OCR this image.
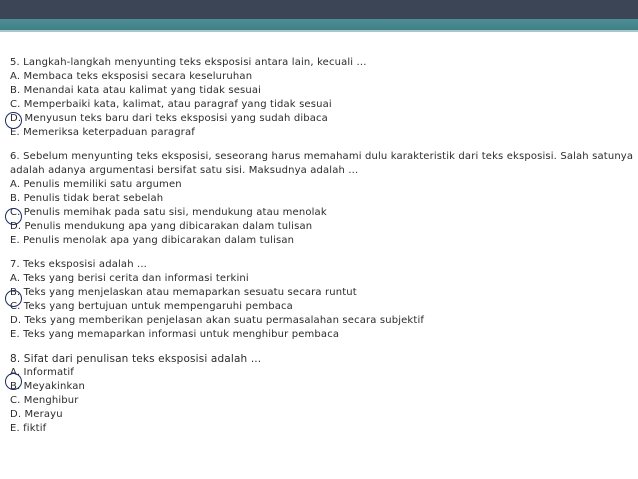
5. Langkah-langkah menyunting teks eksposisi antara lain, kecuali ...
A. Membaca teks eksposisi secara keseluruhan
B. Menandai kata atau kalimat yang tidak sesuai
C. Memperbaiki kata, kalimat, atau paragraf yang tidak sesuai
D. Menyusun teks baru dari teks eksposisi yang sudah dibaca
E. Memeriksa keterpaduan paragraf
6. Sebelum menyunting teks eksposisi, seseorang harus memahami dulu karakteristik dari teks eksposisi. Salah satunya
adalah adanya argumentasi bersifat satu sisi. Maksudnya adalah ...
A. Penulis memiliki satu argumen
B. Penulis tidak berat sebelah
C. Penulis memihak pada satu sisi, mendukung atau menolak
D. Penulis mendukung apa yang dibicarakan dalam tulisan
E. Penulis menolak apa yang dibicarakan dalam tulisan
7. Teks eksposisi adalah ...
A. Teks yang berisi cerita dan informasi terkini
B. Teks yang menjelaskan atau memaparkan sesuatu secara runtut
C. Teks yang bertujuan untuk mempengaruhi pembaca
D. Teks yang memberikan penjelasan akan suatu permasalahan secara subjektif
E. Teks yang memaparkan informasi untuk menghibur pembaca
8. Sifat dari penulisan teks eksposisi adalah ...
A. Informatif
B. Meyakinkan
C. Menghibur
D. Merayu
E. fiktif
